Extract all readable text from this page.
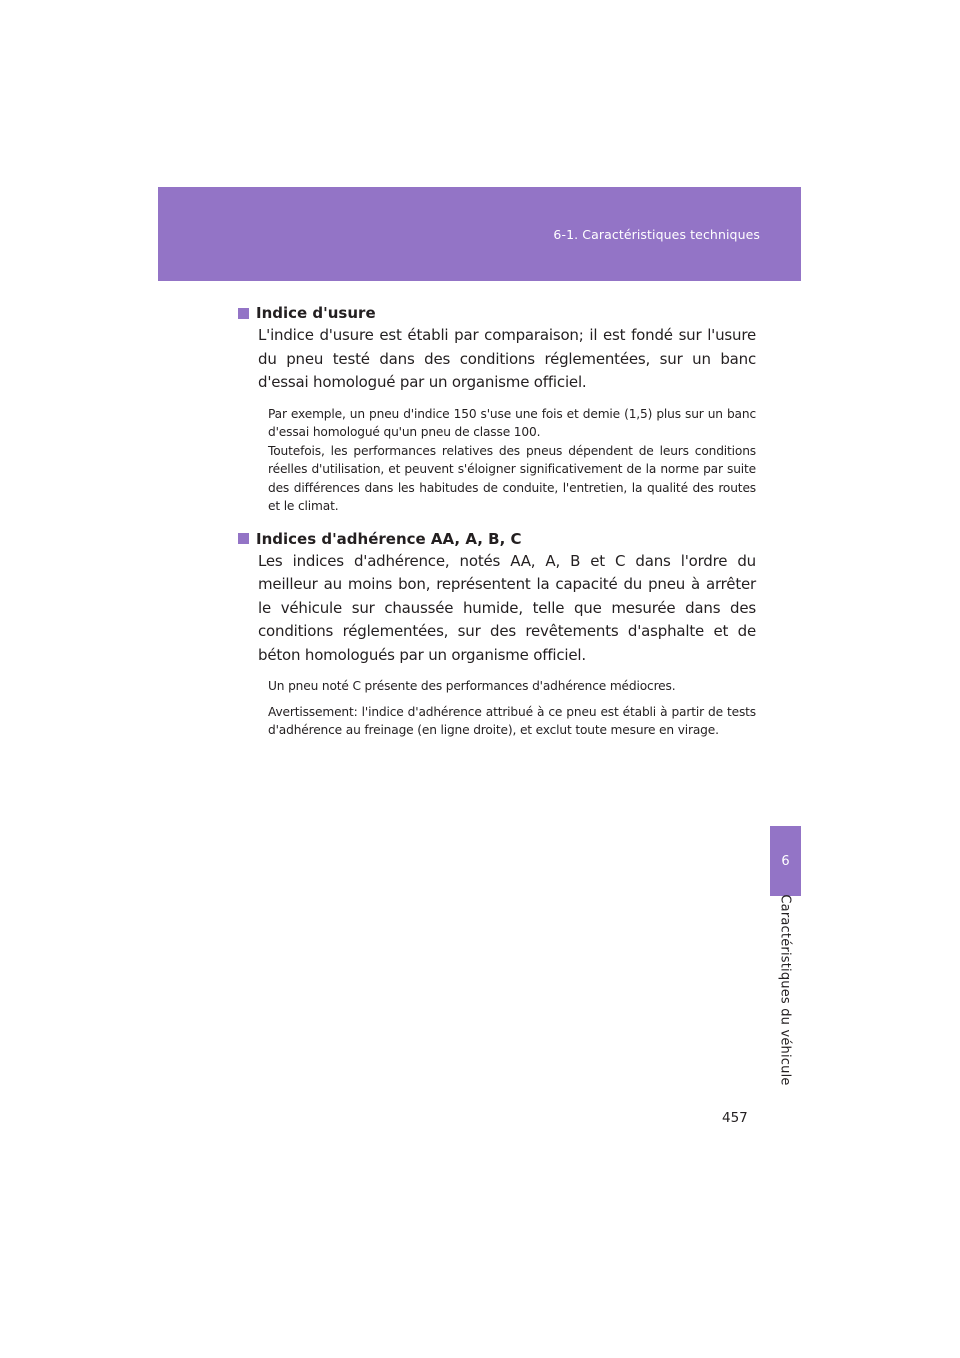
6-1. Caractéristiques techniques
Indice d'usure

L'indice d'usure est établi par comparaison; il est fondé sur l'usure du pneu testé dans des conditions réglementées, sur un banc d'essai homologué par un organisme officiel.

Par exemple, un pneu d'indice 150 s'use une fois et demie (1,5) plus sur un banc d'essai homologué qu'un pneu de classe 100.
Toutefois, les performances relatives des pneus dépendent de leurs conditions réelles d'utilisation, et peuvent s'éloigner significativement de la norme par suite des différences dans les habitudes de conduite, l'entretien, la qualité des routes et le climat.

Indices d'adhérence AA, A, B, C

Les indices d'adhérence, notés AA, A, B et C dans l'ordre du meilleur au moins bon, représentent la capacité du pneu à arrêter le véhicule sur chaussée humide, telle que mesurée dans des conditions réglementées, sur des revêtements d'asphalte et de béton homologués par un organisme officiel.

Un pneu noté C présente des performances d'adhérence médiocres.

Avertissement: l'indice d'adhérence attribué à ce pneu est établi à partir de tests d'adhérence au freinage (en ligne droite), et exclut toute mesure en virage.

6
Caractéristiques du véhicule
457
